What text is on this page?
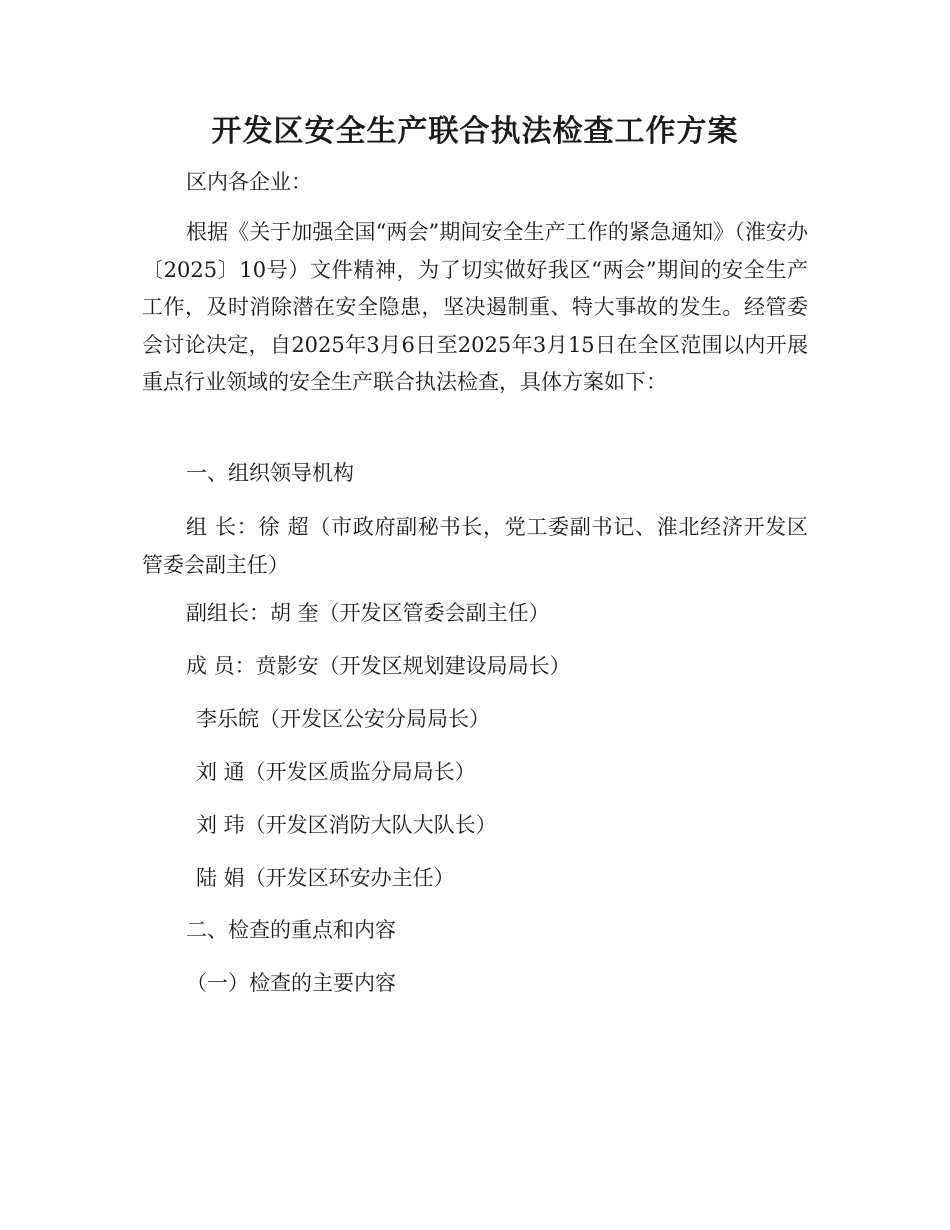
开发区安全生产联合执法检查工作方案

区内各企业：

根据《关于加强全国“两会”期间安全生产工作的紧急通知》（淮安办〔2025〕10号）文件精神，为了切实做好我区“两会”期间的安全生产工作，及时消除潜在安全隐患，坚决遏制重、特大事故的发生。经管委会讨论决定，自2025年3月6日至2025年3月15日在全区范围以内开展重点行业领域的安全生产联合执法检查，具体方案如下：

一、组织领导机构

组 长：徐 超（市政府副秘书长，党工委副书记、淮北经济开发区管委会副主任）

副组长：胡 奎（开发区管委会副主任）

成 员：贲影安（开发区规划建设局局长）

李乐皖（开发区公安分局局长）

刘 通（开发区质监分局局长）

刘 玮（开发区消防大队大队长）

陆 娟（开发区环安办主任）

二、检查的重点和内容

（一）检查的主要内容
